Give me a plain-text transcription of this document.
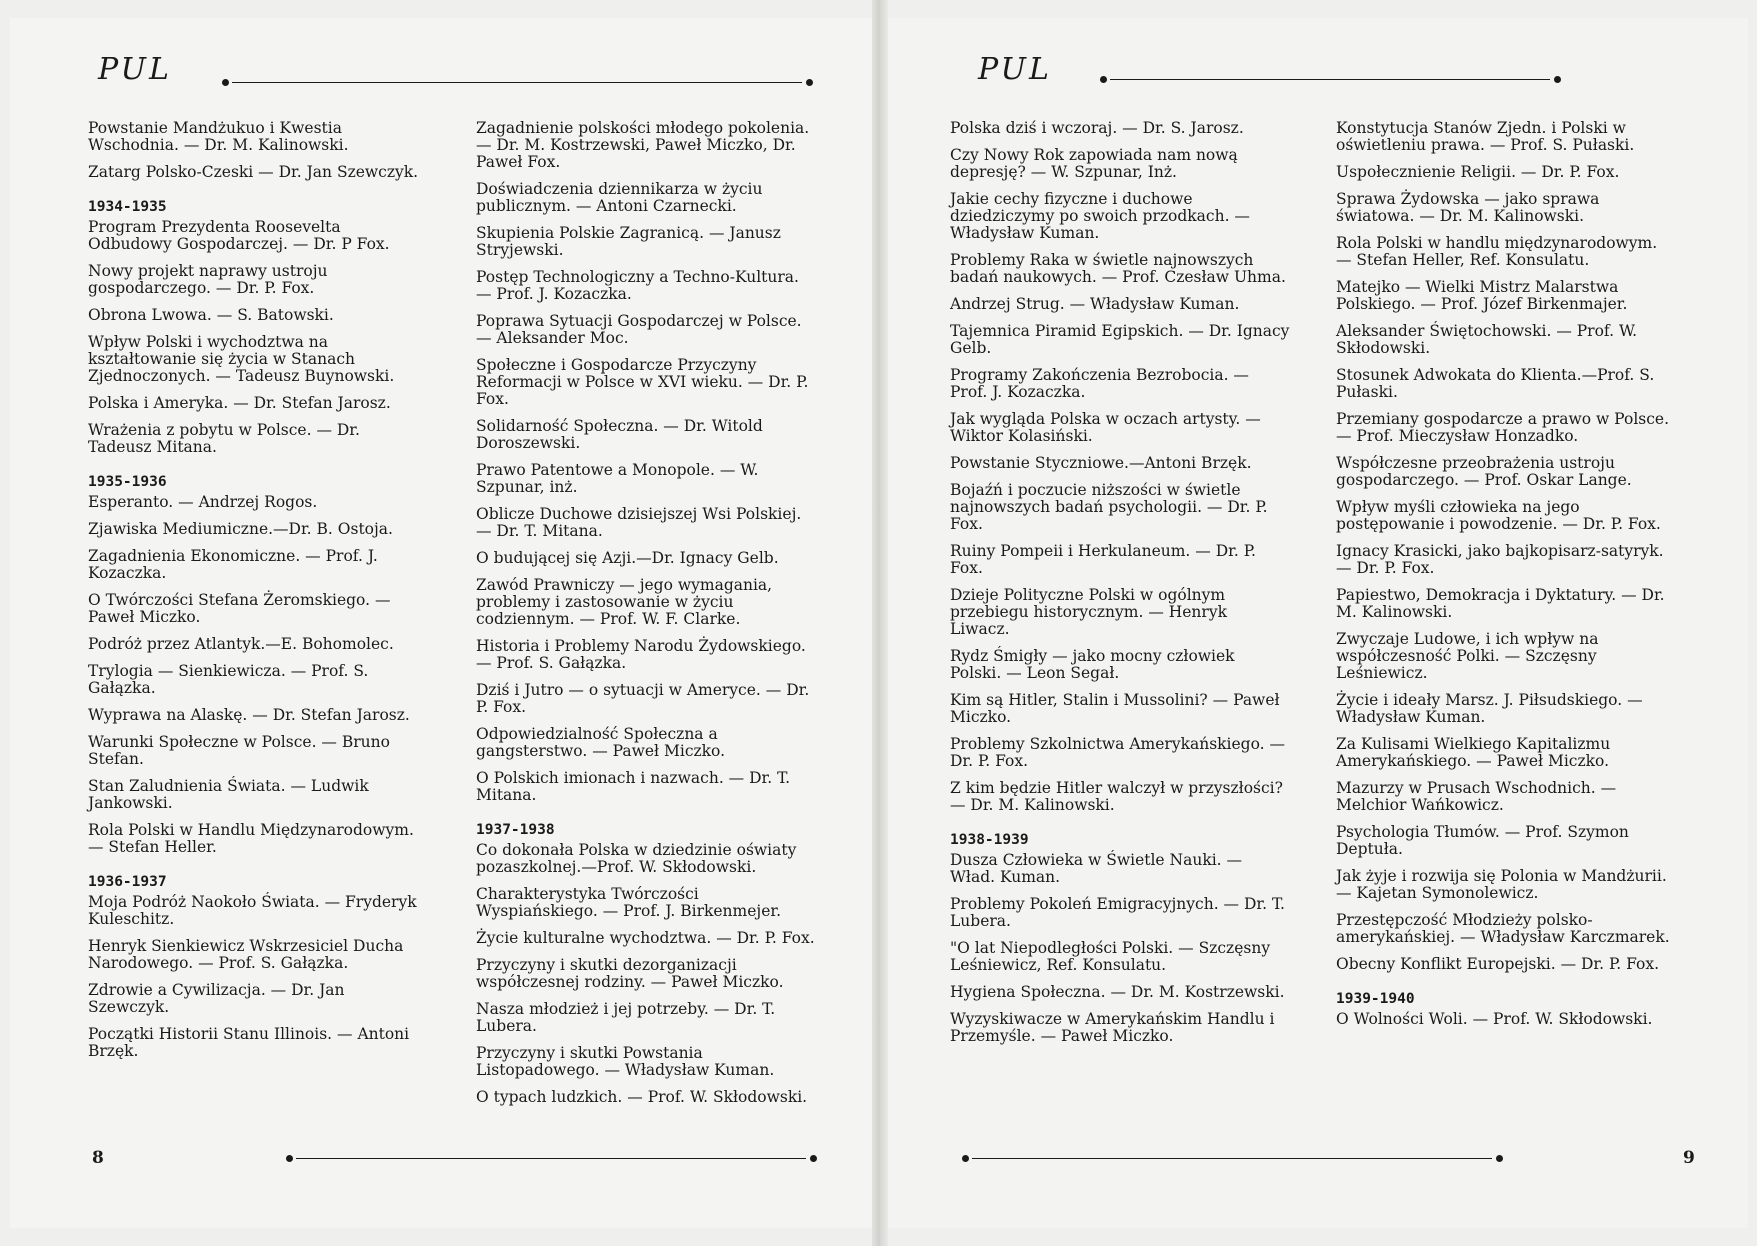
PUL	PUL

Powstanie Mandżukuo i Kwestia Wschodnia. — Dr. M. Kalinowski.

Zatarg Polsko-Czeski — Dr. Jan Szewczyk.

1934-1935

Program Prezydenta Roosevelta Odbudowy Gospodarczej. — Dr. P Fox.

Nowy projekt naprawy ustroju gospodarczego. — Dr. P. Fox.

Obrona Lwowa. — S. Batowski.

Wpływ Polski i wychodztwa na kształtowanie się życia w Stanach Zjednoczonych. — Tadeusz Buynowski.

Polska i Ameryka. — Dr. Stefan Jarosz.

Wrażenia z pobytu w Polsce. — Dr. Tadeusz Mitana.

1935-1936

Esperanto. — Andrzej Rogos.

Zjawiska Mediumiczne.—Dr. B. Ostoja.

Zagadnienia Ekonomiczne. — Prof. J. Kozaczka.

O Twórczości Stefana Żeromskiego. — Paweł Miczko.

Podróż przez Atlantyk.—E. Bohomolec.

Trylogia — Sienkiewicza. — Prof. S. Gałązka.

Wyprawa na Alaskę. — Dr. Stefan Jarosz.

Warunki Społeczne w Polsce. — Bruno Stefan.

Stan Zaludnienia Świata. — Ludwik Jankowski.

Rola Polski w Handlu Międzynarodowym. — Stefan Heller.

1936-1937

Moja Podróż Naokoło Świata. — Fryderyk Kuleschitz.

Henryk Sienkiewicz Wskrzesiciel Ducha Narodowego. — Prof. S. Gałązka.

Zdrowie a Cywilizacja. — Dr. Jan Szewczyk.

Początki Historii Stanu Illinois. — Antoni Brzęk.

Zagadnienie polskości młodego pokolenia. — Dr. M. Kostrzewski, Paweł Miczko, Dr. Paweł Fox.

Doświadczenia dziennikarza w życiu publicznym. — Antoni Czarnecki.

Skupienia Polskie Zagranicą. — Janusz Stryjewski.

Postęp Technologiczny a Techno-Kultura. — Prof. J. Kozaczka.

Poprawa Sytuacji Gospodarczej w Polsce. — Aleksander Moc.

Społeczne i Gospodarcze Przyczyny Reformacji w Polsce w XVI wieku. — Dr. P. Fox.

Solidarność Społeczna. — Dr. Witold Doroszewski.

Prawo Patentowe a Monopole. — W. Szpunar, inż.

Oblicze Duchowe dzisiejszej Wsi Polskiej. — Dr. T. Mitana.

O budującej się Azji.—Dr. Ignacy Gelb.

Zawód Prawniczy — jego wymagania, problemy i zastosowanie w życiu codziennym. — Prof. W. F. Clarke.

Historia i Problemy Narodu Żydowskiego. — Prof. S. Gałązka.

Dziś i Jutro — o sytuacji w Ameryce. — Dr. P. Fox.

Odpowiedzialność Społeczna a gangsterstwo. — Paweł Miczko.

O Polskich imionach i nazwach. — Dr. T. Mitana.

1937-1938

Co dokonała Polska w dziedzinie oświaty pozaszkolnej.—Prof. W. Skłodowski.

Charakterystyka Twórczości Wyspiańskiego. — Prof. J. Birkenmejer.

Życie kulturalne wychodztwa. — Dr. P. Fox.

Przyczyny i skutki dezorganizacji współczesnej rodziny. — Paweł Miczko.

Nasza młodzież i jej potrzeby. — Dr. T. Lubera.

Przyczyny i skutki Powstania Listopadowego. — Władysław Kuman.

O typach ludzkich. — Prof. W. Skłodowski.

Polska dziś i wczoraj. — Dr. S. Jarosz.

Czy Nowy Rok zapowiada nam nową depresję? — W. Szpunar, Inż.

Jakie cechy fizyczne i duchowe dziedziczymy po swoich przodkach. — Władysław Kuman.

Problemy Raka w świetle najnowszych badań naukowych. — Prof. Czesław Uhma.

Andrzej Strug. — Władysław Kuman.

Tajemnica Piramid Egipskich. — Dr. Ignacy Gelb.

Programy Zakończenia Bezrobocia. — Prof. J. Kozaczka.

Jak wygląda Polska w oczach artysty. — Wiktor Kolasiński.

Powstanie Styczniowe.—Antoni Brzęk.

Bojaźń i poczucie niższości w świetle najnowszych badań psychologii. — Dr. P. Fox.

Ruiny Pompeii i Herkulaneum. — Dr. P. Fox.

Dzieje Polityczne Polski w ogólnym przebiegu historycznym. — Henryk Liwacz.

Rydz Śmigły — jako mocny człowiek Polski. — Leon Segał.

Kim są Hitler, Stalin i Mussolini? — Paweł Miczko.

Problemy Szkolnictwa Amerykańskiego. — Dr. P. Fox.

Z kim będzie Hitler walczył w przyszłości? — Dr. M. Kalinowski.

1938-1939

Dusza Człowieka w Świetle Nauki. — Wład. Kuman.

Problemy Pokoleń Emigracyjnych. — Dr. T. Lubera.

"O lat Niepodległości Polski. — Szczęsny Leśniewicz, Ref. Konsulatu.

Hygiena Społeczna. — Dr. M. Kostrzewski.

Wyzyskiwacze w Amerykańskim Handlu i Przemyśle. — Paweł Miczko.

Konstytucja Stanów Zjedn. i Polski w oświetleniu prawa. — Prof. S. Pułaski.

Uspołecznienie Religii. — Dr. P. Fox.

Sprawa Żydowska — jako sprawa światowa. — Dr. M. Kalinowski.

Rola Polski w handlu międzynarodowym. — Stefan Heller, Ref. Konsulatu.

Matejko — Wielki Mistrz Malarstwa Polskiego. — Prof. Józef Birkenmajer.

Aleksander Świętochowski. — Prof. W. Skłodowski.

Stosunek Adwokata do Klienta.—Prof. S. Pułaski.

Przemiany gospodarcze a prawo w Polsce. — Prof. Mieczysław Honzadko.

Współczesne przeobrażenia ustroju gospodarczego. — Prof. Oskar Lange.

Wpływ myśli człowieka na jego postępowanie i powodzenie. — Dr. P. Fox.

Ignacy Krasicki, jako bajkopisarz-satyryk. — Dr. P. Fox.

Papiestwo, Demokracja i Dyktatury. — Dr. M. Kalinowski.

Zwyczaje Ludowe, i ich wpływ na współczesność Polki. — Szczęsny Leśniewicz.

Życie i ideały Marsz. J. Piłsudskiego. — Władysław Kuman.

Za Kulisami Wielkiego Kapitalizmu Amerykańskiego. — Paweł Miczko.

Mazurzy w Prusach Wschodnich. — Melchior Wańkowicz.

Psychologia Tłumów. — Prof. Szymon Deptuła.

Jak żyje i rozwija się Polonia w Mandżurii. — Kajetan Symonolewicz.

Przestępczość Młodzieży polsko-amerykańskiej. — Władysław Karczmarek.

Obecny Konflikt Europejski. — Dr. P. Fox.

1939-1940

O Wolności Woli. — Prof. W. Skłodowski.

8	9
